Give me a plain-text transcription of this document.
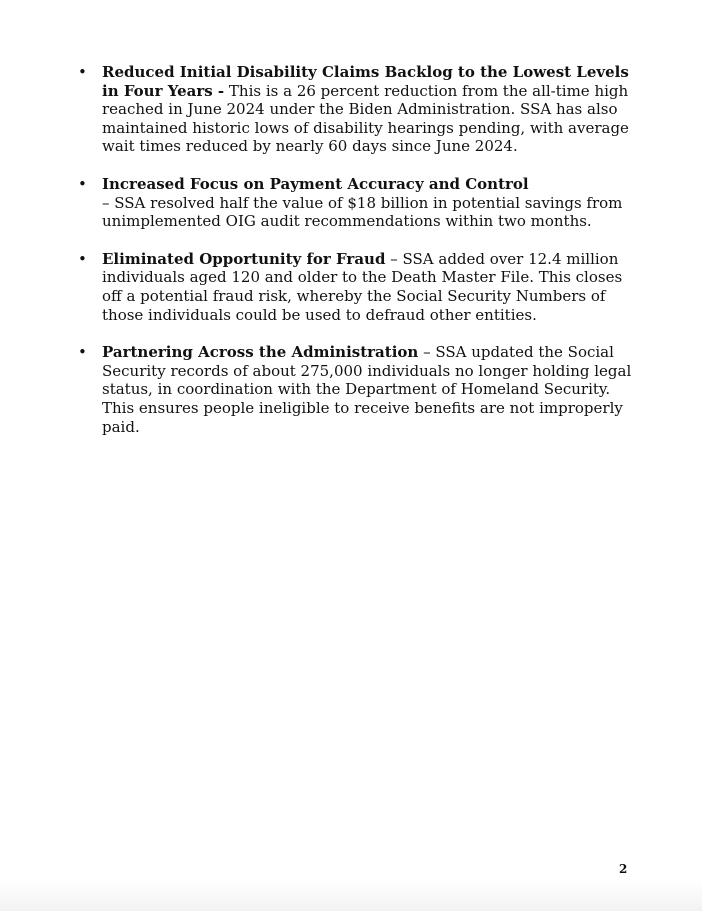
• Reduced Initial Disability Claims Backlog to the Lowest Levels in Four Years - This is a 26 percent reduction from the all-time high reached in June 2024 under the Biden Administration. SSA has also maintained historic lows of disability hearings pending, with average wait times reduced by nearly 60 days since June 2024.
• Increased Focus on Payment Accuracy and Control
– SSA resolved half the value of $18 billion in potential savings from unimplemented OIG audit recommendations within two months.
• Eliminated Opportunity for Fraud – SSA added over 12.4 million individuals aged 120 and older to the Death Master File. This closes off a potential fraud risk, whereby the Social Security Numbers of those individuals could be used to defraud other entities.
• Partnering Across the Administration – SSA updated the Social Security records of about 275,000 individuals no longer holding legal status, in coordination with the Department of Homeland Security. This ensures people ineligible to receive benefits are not improperly paid.
2
